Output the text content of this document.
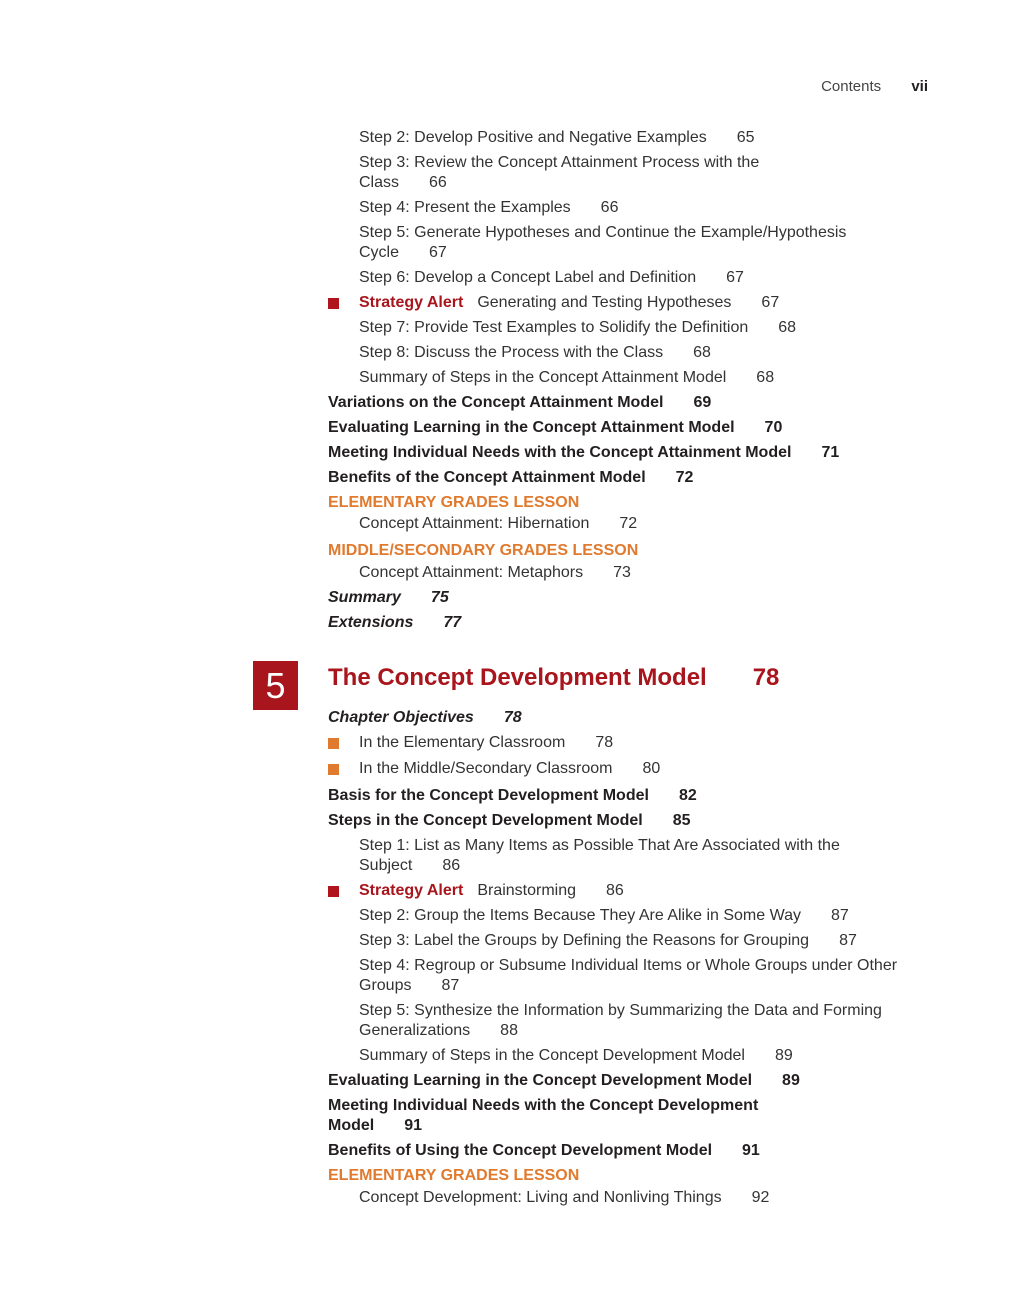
Contents vii
5	The Concept Development Model 78
Step 2: Develop Positive and Negative Examples 65
Step 3: Review the Concept Attainment Process with the
Class 66
Step 4: Present the Examples 66
Step 5: Generate Hypotheses and Continue the Example/Hypothesis
Cycle 67
Step 6: Develop a Concept Label and Definition 67
Strategy Alert Generating and Testing Hypotheses 67
Step 7: Provide Test Examples to Solidify the Definition 68
Step 8: Discuss the Process with the Class 68
Summary of Steps in the Concept Attainment Model 68
Variations on the Concept Attainment Model 69
Evaluating Learning in the Concept Attainment Model 70
Meeting Individual Needs with the Concept Attainment Model 71
Benefits of the Concept Attainment Model 72
ELEMENTARY GRADES LESSON
Concept Attainment: Hibernation 72
MIDDLE/SECONDARY GRADES LESSON
Concept Attainment: Metaphors 73
Summary 75
Extensions 77
Chapter Objectives 78
In the Elementary Classroom 78
In the Middle/Secondary Classroom 80
Basis for the Concept Development Model 82
Steps in the Concept Development Model 85
Step 1: List as Many Items as Possible That Are Associated with the
Subject 86
Strategy Alert Brainstorming 86
Step 2: Group the Items Because They Are Alike in Some Way 87
Step 3: Label the Groups by Defining the Reasons for Grouping 87
Step 4: Regroup or Subsume Individual Items or Whole Groups under Other
Groups 87
Step 5: Synthesize the Information by Summarizing the Data and Forming
Generalizations 88
Summary of Steps in the Concept Development Model 89
Evaluating Learning in the Concept Development Model 89
Meeting Individual Needs with the Concept Development
Model 91
Benefits of Using the Concept Development Model 91
ELEMENTARY GRADES LESSON
Concept Development: Living and Nonliving Things 92
